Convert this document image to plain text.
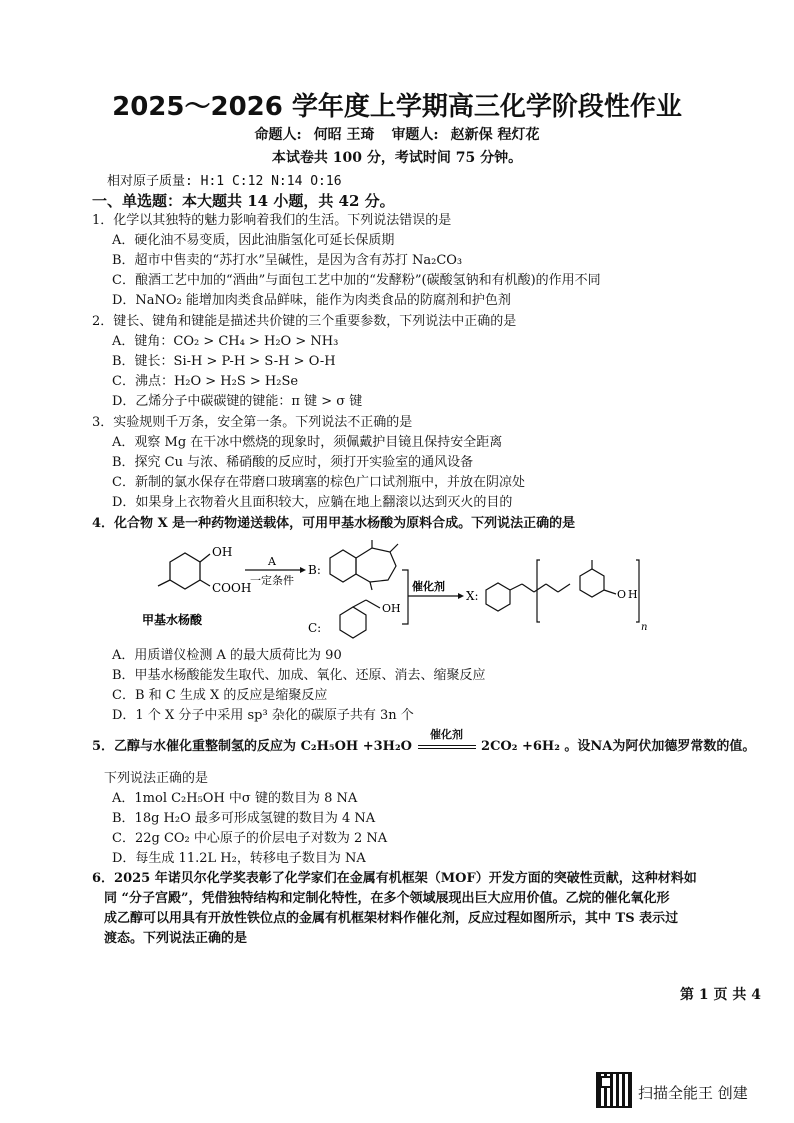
2025～2026 学年度上学期高三化学阶段性作业
命题人: 何昭 王琦 审题人: 赵新保 程灯花
本试卷共 100 分，考试时间 75 分钟。
相对原子质量: H:1 C:12 N:14 O:16
一、单选题：本大题共 14 小题，共 42 分。
1．化学以其独特的魅力影响着我们的生活。下列说法错误的是
A．硬化油不易变质，因此油脂氢化可延长保质期
B．超市中售卖的“苏打水”呈碱性，是因为含有苏打 Na₂CO₃
C．酿酒工艺中加的“酒曲”与面包工艺中加的“发酵粉”(碳酸氢钠和有机酸)的作用不同
D．NaNO₂ 能增加肉类食品鲜味，能作为肉类食品的防腐剂和护色剂
2．键长、键角和键能是描述共价键的三个重要参数，下列说法中正确的是
A．键角：CO₂ > CH₄ > H₂O > NH₃
B．键长：Si-H > P-H > S-H > O-H
C．沸点：H₂O > H₂S > H₂Se
D．乙烯分子中碳碳键的键能：π 键 > σ 键
3．实验规则千万条，安全第一条。下列说法不正确的是
A．观察 Mg 在干冰中燃烧的现象时，须佩戴护目镜且保持安全距离
B．探究 Cu 与浓、稀硝酸的反应时，须打开实验室的通风设备
C．新制的氯水保存在带磨口玻璃塞的棕色广口试剂瓶中，并放在阴凉处
D．如果身上衣物着火且面积较大，应躺在地上翻滚以达到灭火的目的
4．化合物 X 是一种药物递送载体，可用甲基水杨酸为原料合成。下列说法正确的是
OH
COOH
甲基水杨酸
A
一定条件
B:
C:
OH
催化剂
X:	O H
n
A．用质谱仪检测 A 的最大质荷比为 90
B．甲基水杨酸能发生取代、加成、氧化、还原、消去、缩聚反应
C．B 和 C 生成 X 的反应是缩聚反应
D．1 个 X 分子中采用 sp³ 杂化的碳原子共有 3n 个
5．乙醇与水催化重整制氢的反应为 C₂H₅OH +3H₂O
催化剂
2CO₂ +6H₂ 。设NA为阿伏加德罗常数的值。
下列说法正确的是
A．1mol C₂H₅OH 中σ 键的数目为 8 NA
B．18g H₂O 最多可形成氢键的数目为 4 NA
C．22g CO₂ 中心原子的价层电子对数为 2 NA
D．每生成 11.2L H₂，转移电子数目为 NA
6．2025 年诺贝尔化学奖表彰了化学家们在金属有机框架（MOF）开发方面的突破性贡献，这种材料如
同 “分子宫殿”，凭借独特结构和定制化特性，在多个领域展现出巨大应用价值。乙烷的催化氧化形
成乙醇可以用具有开放性铁位点的金属有机框架材料作催化剂，反应过程如图所示，其中 TS 表示过
渡态。下列说法正确的是
第 1 页 共 4
扫描全能王 创建
